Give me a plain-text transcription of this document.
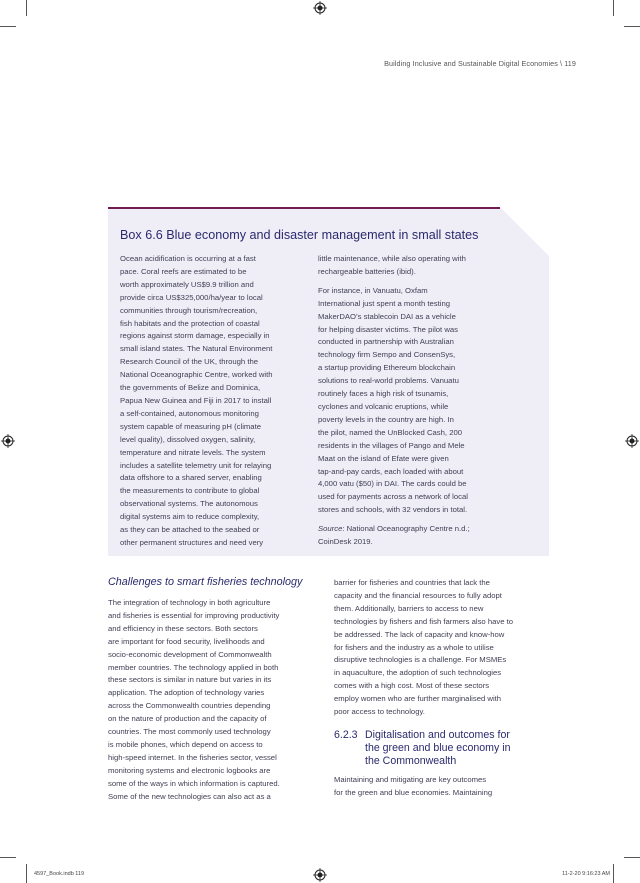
Building Inclusive and Sustainable Digital Economies \ 119
Box 6.6 Blue economy and disaster management in small states

Ocean acidification is occurring at a fast
pace. Coral reefs are estimated to be
worth approximately US$9.9 trillion and
provide circa US$325,000/ha/year to local
communities through tourism/recreation,
fish habitats and the protection of coastal
regions against storm damage, especially in
small island states. The Natural Environment
Research Council of the UK, through the
National Oceanographic Centre, worked with
the governments of Belize and Dominica,
Papua New Guinea and Fiji in 2017 to install
a self-contained, autonomous monitoring
system capable of measuring pH (climate
level quality), dissolved oxygen, salinity,
temperature and nitrate levels. The system
includes a satellite telemetry unit for relaying
data offshore to a shared server, enabling
the measurements to contribute to global
observational systems. The autonomous
digital systems aim to reduce complexity,
as they can be attached to the seabed or
other permanent structures and need very

little maintenance, while also operating with
rechargeable batteries (ibid).

For instance, in Vanuatu, Oxfam
International just spent a month testing
MakerDAO’s stablecoin DAI as a vehicle
for helping disaster victims. The pilot was
conducted in partnership with Australian
technology firm Sempo and ConsenSys,
a startup providing Ethereum blockchain
solutions to real-world problems. Vanuatu
routinely faces a high risk of tsunamis,
cyclones and volcanic eruptions, while
poverty levels in the country are high. In
the pilot, named the UnBlocked Cash, 200
residents in the villages of Pango and Mele
Maat on the island of Efate were given
tap-and-pay cards, each loaded with about
4,000 vatu ($50) in DAI. The cards could be
used for payments across a network of local
stores and schools, with 32 vendors in total.

Source: National Oceanography Centre n.d.;
CoinDesk 2019.

Challenges to smart fisheries technology

The integration of technology in both agriculture
and fisheries is essential for improving productivity
and efficiency in these sectors. Both sectors
are important for food security, livelihoods and
socio-economic development of Commonwealth
member countries. The technology applied in both
these sectors is similar in nature but varies in its
application. The adoption of technology varies
across the Commonwealth countries depending
on the nature of production and the capacity of
countries. The most commonly used technology
is mobile phones, which depend on access to
high-speed internet. In the fisheries sector, vessel
monitoring systems and electronic logbooks are
some of the ways in which information is captured.
Some of the new technologies can also act as a

barrier for fisheries and countries that lack the
capacity and the financial resources to fully adopt
them. Additionally, barriers to access to new
technologies by fishers and fish farmers also have to
be addressed. The lack of capacity and know-how
for fishers and the industry as a whole to utilise
disruptive technologies is a challenge. For MSMEs
in aquaculture, the adoption of such technologies
comes with a high cost. Most of these sectors
employ women who are further marginalised with
poor access to technology.

6.2.3 Digitalisation and outcomes for
the green and blue economy in
the Commonwealth

Maintaining and mitigating are key outcomes
for the green and blue economies. Maintaining

4597_Book.indb 119	11-2-20 9:16:23 AM
